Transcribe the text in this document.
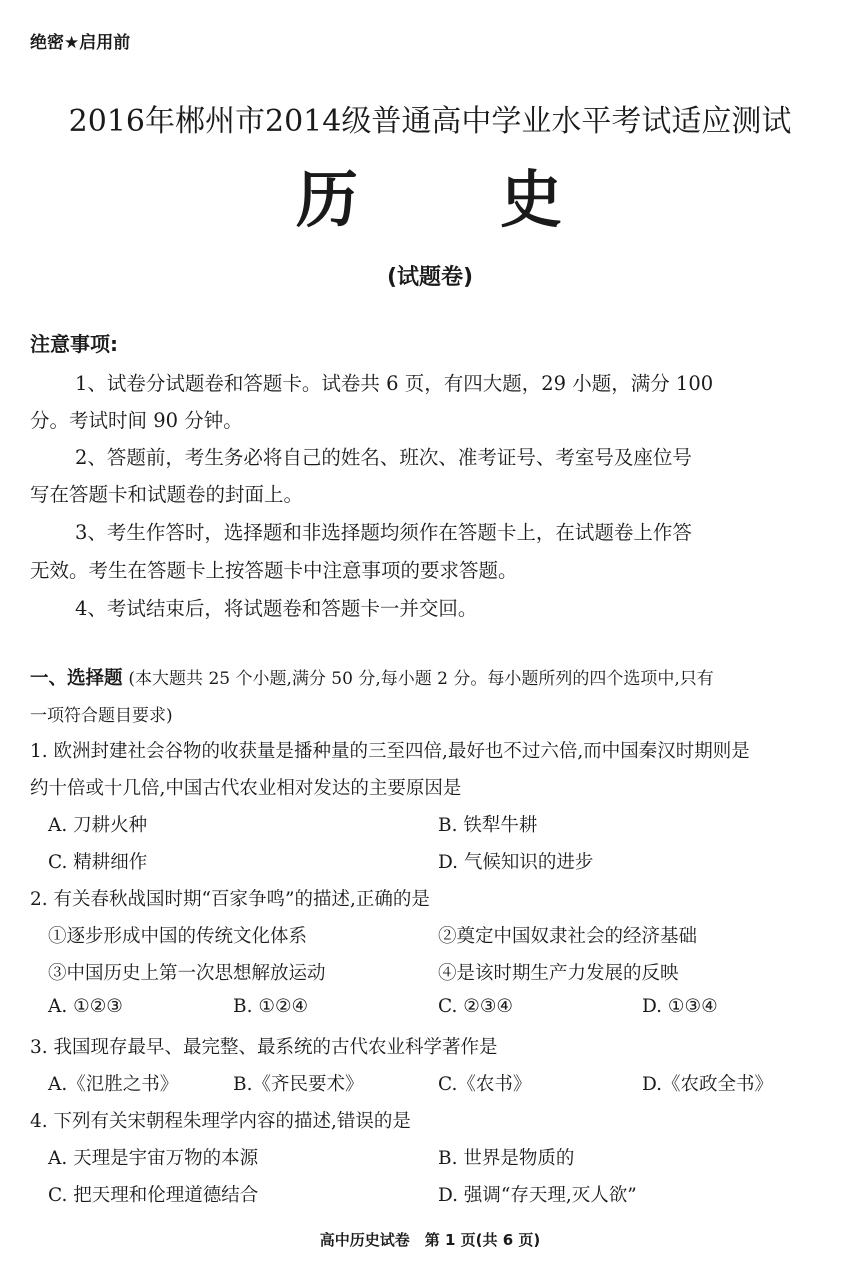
绝密★启用前
2016年郴州市2014级普通高中学业水平考试适应测试
历 史
(试题卷)
注意事项:
1、试卷分试题卷和答题卡。试卷共 6 页，有四大题，29 小题，满分 100
分。考试时间 90 分钟。
2、答题前，考生务必将自己的姓名、班次、准考证号、考室号及座位号
写在答题卡和试题卷的封面上。
3、考生作答时，选择题和非选择题均须作在答题卡上，在试题卷上作答
无效。考生在答题卡上按答题卡中注意事项的要求答题。
4、考试结束后，将试题卷和答题卡一并交回。
一、选择题 (本大题共 25 个小题,满分 50 分,每小题 2 分。每小题所列的四个选项中,只有
一项符合题目要求)
1. 欧洲封建社会谷物的收获量是播种量的三至四倍,最好也不过六倍,而中国秦汉时期则是
约十倍或十几倍,中国古代农业相对发达的主要原因是
A. 刀耕火种	B. 铁犁牛耕
C. 精耕细作	D. 气候知识的进步
2. 有关春秋战国时期“百家争鸣”的描述,正确的是
①逐步形成中国的传统文化体系	②奠定中国奴隶社会的经济基础
③中国历史上第一次思想解放运动	④是该时期生产力发展的反映
A. ①②③	B. ①②④	C. ②③④	D. ①③④
3. 我国现存最早、最完整、最系统的古代农业科学著作是
A.《氾胜之书》	B.《齐民要术》	C.《农书》	D.《农政全书》
4. 下列有关宋朝程朱理学内容的描述,错误的是
A. 天理是宇宙万物的本源	B. 世界是物质的
C. 把天理和伦理道德结合	D. 强调“存天理,灭人欲”
高中历史试卷　第 1 页(共 6 页)
